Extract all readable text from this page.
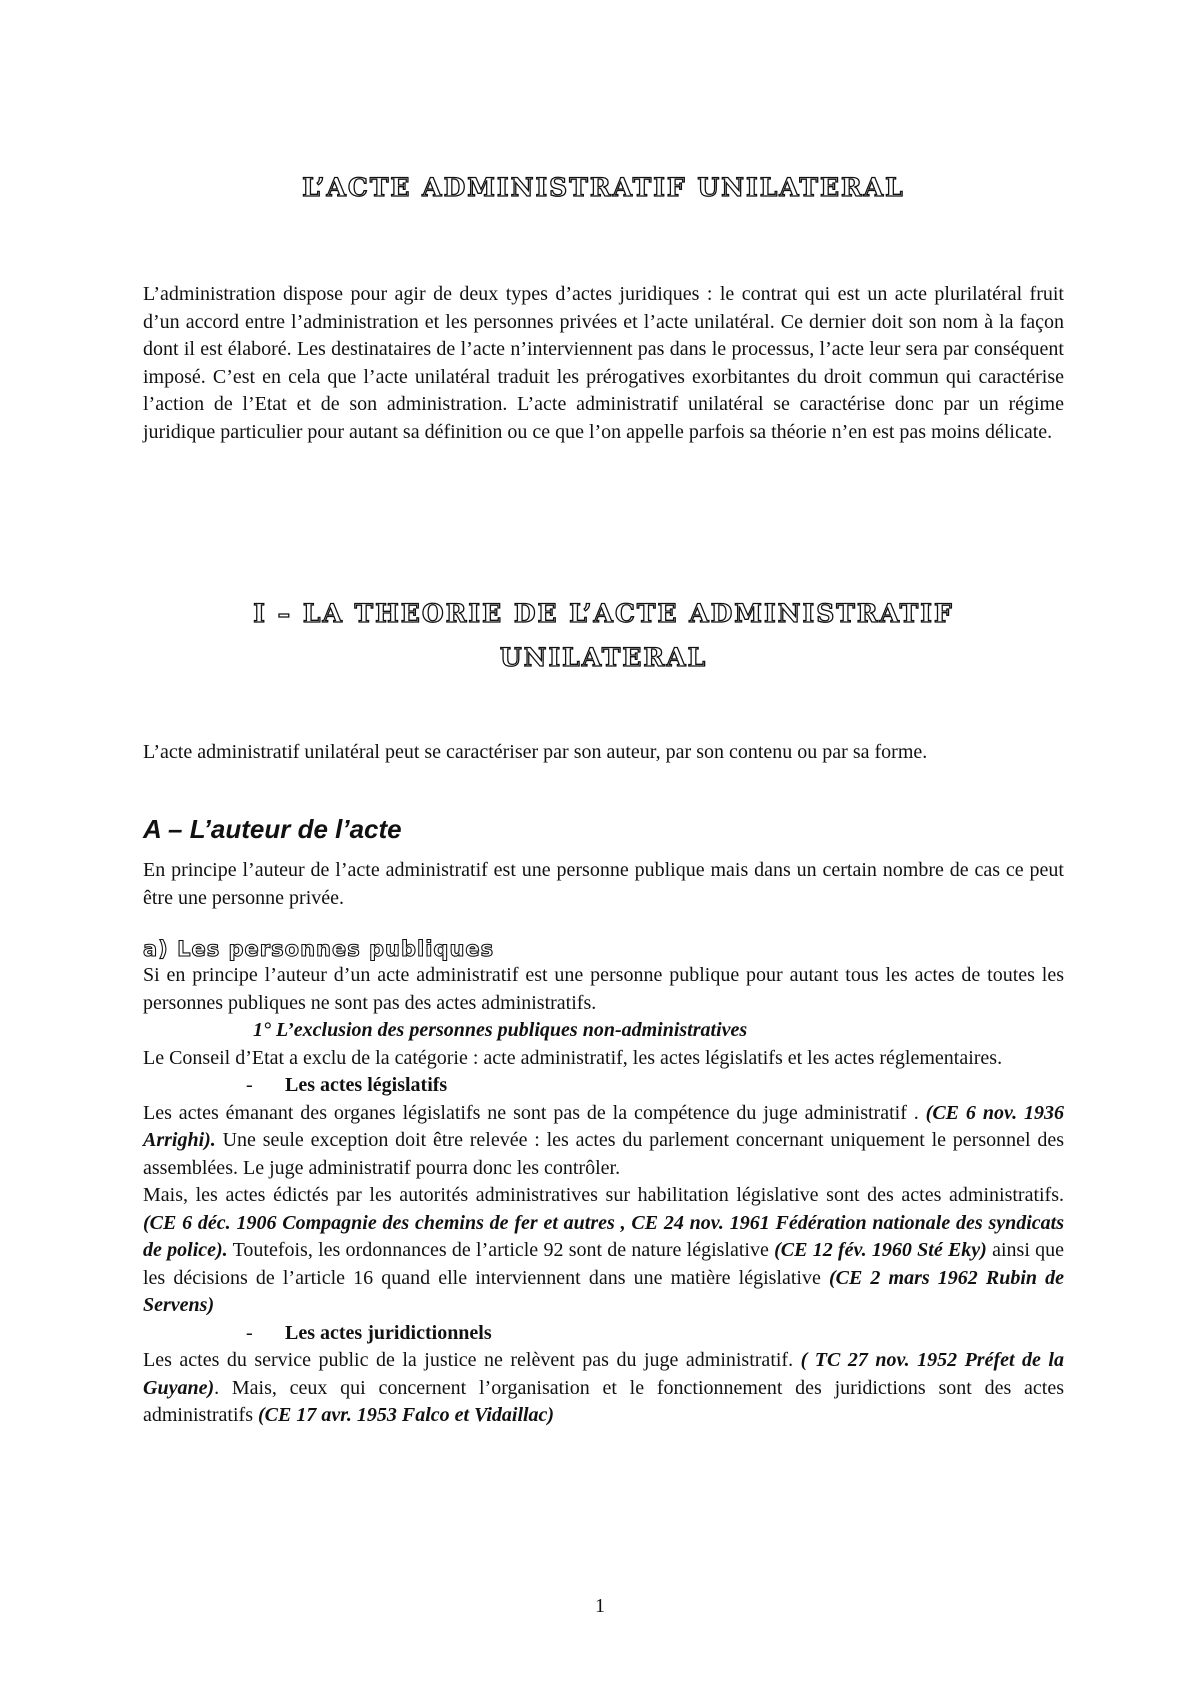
L’ACTE ADMINISTRATIF UNILATERAL

L’administration dispose pour agir de deux types d’actes juridiques : le contrat qui est un acte plurilatéral fruit d’un accord entre l’administration et les personnes privées et l’acte unilatéral. Ce dernier doit son nom à la façon dont il est élaboré. Les destinataires de l’acte n’interviennent pas dans le processus, l’acte leur sera par conséquent imposé. C’est en cela que l’acte unilatéral traduit les prérogatives exorbitantes du droit commun qui caractérise l’action de l’Etat et de son administration. L’acte administratif unilatéral se caractérise donc par un régime juridique particulier pour autant sa définition ou ce que l’on appelle parfois sa théorie n’en est pas moins délicate.

I – LA THEORIE DE L’ACTE ADMINISTRATIF
UNILATERAL

L’acte administratif unilatéral peut se caractériser par son auteur, par son contenu ou par sa forme.

A – L’auteur de l’acte

En principe l’auteur de l’acte administratif est une personne publique mais dans un certain nombre de cas ce peut être une personne privée.

a) Les personnes publiques

Si en principe l’auteur d’un acte administratif est une personne publique pour autant tous les actes de toutes les personnes publiques ne sont pas des actes administratifs.

1° L’exclusion des personnes publiques non-administratives

Le Conseil d’Etat a exclu de la catégorie : acte administratif, les actes législatifs et les actes réglementaires.

- Les actes législatifs

Les actes émanant des organes législatifs ne sont pas de la compétence du juge administratif . (CE 6 nov. 1936 Arrighi). Une seule exception doit être relevée : les actes du parlement concernant uniquement le personnel des assemblées. Le juge administratif pourra donc les contrôler.

Mais, les actes édictés par les autorités administratives sur habilitation législative sont des actes administratifs. (CE 6 déc. 1906 Compagnie des chemins de fer et autres , CE 24 nov. 1961 Fédération nationale des syndicats de police). Toutefois, les ordonnances de l’article 92 sont de nature législative (CE 12 fév. 1960 Sté Eky) ainsi que les décisions de l’article 16 quand elle interviennent dans une matière législative (CE 2 mars 1962 Rubin de Servens)

- Les actes juridictionnels

Les actes du service public de la justice ne relèvent pas du juge administratif. ( TC 27 nov. 1952 Préfet de la Guyane). Mais, ceux qui concernent l’organisation et le fonctionnement des juridictions sont des actes administratifs (CE 17 avr. 1953 Falco et Vidaillac)

1
